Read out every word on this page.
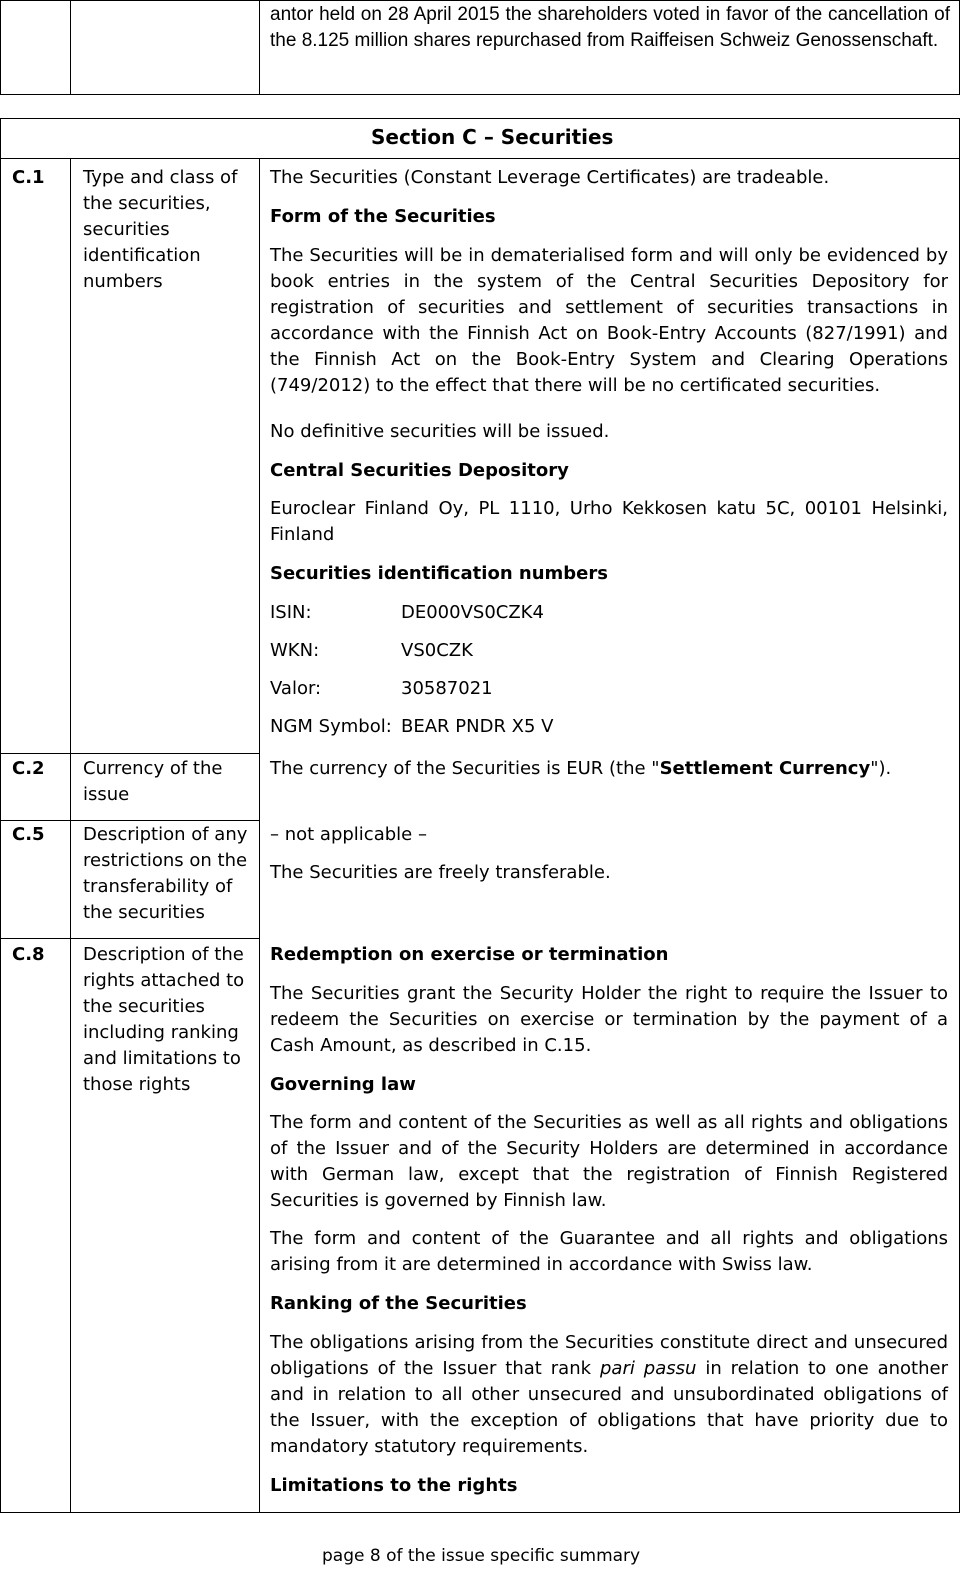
antor held on 28 April 2015 the shareholders voted in favor of the cancellation of the 8.125 million shares repurchased from Raiffeisen Schweiz Genossenschaft.
Section C – Securities
C.1 Type and class of the securities, securities identification numbers
The Securities (Constant Leverage Certificates) are tradeable.
Form of the Securities
The Securities will be in dematerialised form and will only be evidenced by book entries in the system of the Central Securities Depository for registration of securities and settlement of securities transactions in accordance with the Finnish Act on Book-Entry Accounts (827/1991) and the Finnish Act on the Book-Entry System and Clearing Operations (749/2012) to the effect that there will be no certificated securities.
No definitive securities will be issued.
Central Securities Depository
Euroclear Finland Oy, PL 1110, Urho Kekkosen katu 5C, 00101 Helsinki, Finland
Securities identification numbers
ISIN:	DE000VS0CZK4
WKN:	VS0CZK
Valor:	30587021
NGM Symbol: BEAR PNDR X5 V
C.2 Currency of the issue
The currency of the Securities is EUR (the "Settlement Currency").
C.5 Description of any restrictions on the transferability of the securities
– not applicable –
The Securities are freely transferable.
C.8 Description of the rights attached to the securities including ranking and limitations to those rights
Redemption on exercise or termination
The Securities grant the Security Holder the right to require the Issuer to redeem the Securities on exercise or termination by the payment of a Cash Amount, as described in C.15.
Governing law
The form and content of the Securities as well as all rights and obligations of the Issuer and of the Security Holders are determined in accordance with German law, except that the registration of Finnish Registered Securities is governed by Finnish law.
The form and content of the Guarantee and all rights and obligations arising from it are determined in accordance with Swiss law.
Ranking of the Securities
The obligations arising from the Securities constitute direct and unsecured obligations of the Issuer that rank pari passu in relation to one another and in relation to all other unsecured and unsubordinated obligations of the Issuer, with the exception of obligations that have priority due to mandatory statutory requirements.
Limitations to the rights
page 8 of the issue specific summary
